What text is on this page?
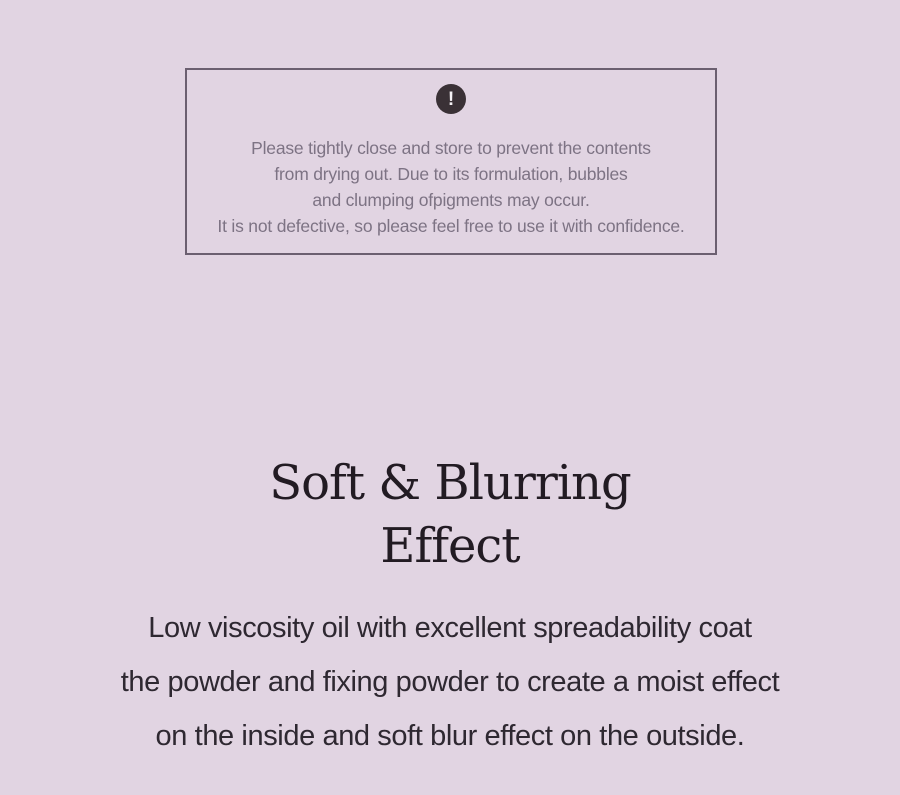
!
Please tightly close and store to prevent the contents
from drying out. Due to its formulation, bubbles
and clumping ofpigments may occur.
It is not defective, so please feel free to use it with confidence.
Soft & Blurring
Effect
Low viscosity oil with excellent spreadability coat
the powder and fixing powder to create a moist effect
on the inside and soft blur effect on the outside.
